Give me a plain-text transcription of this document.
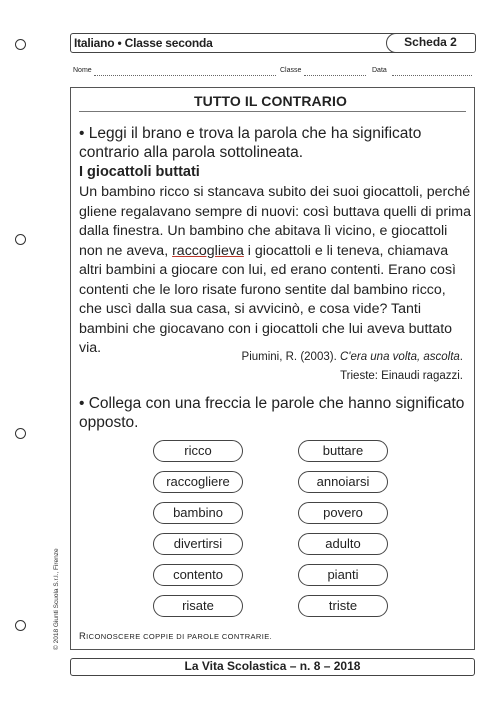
Italiano • Classe seconda	Scheda 2
Nome	Classe	Data
TUTTO IL CONTRARIO
• Leggi il brano e trova la parola che ha significato contrario alla parola sottolineata.
I giocattoli buttati
Un bambino ricco si stancava subito dei suoi giocattoli, perché gliene regalavano sempre di nuovi: così buttava quelli di prima dalla finestra. Un bambino che abitava lì vicino, e giocattoli non ne aveva, raccoglieva i giocattoli e li teneva, chiamava altri bambini a giocare con lui, ed erano contenti. Erano così contenti che le loro risate furono sentite dal bambino ricco, che uscì dalla sua casa, si avvicinò, e cosa vide? Tanti bambini che giocavano con i giocattoli che lui aveva buttato via.
Piumini, R. (2003). C'era una volta, ascolta.
Trieste: Einaudi ragazzi.
• Collega con una freccia le parole che hanno significato opposto.
ricco
raccogliere
bambino
divertirsi
contento
risate
buttare
annoiarsi
povero
adulto
pianti
triste
RICONOSCERE COPPIE DI PAROLE CONTRARIE.
© 2018 Giunti Scuola S.r.l., Firenze
La Vita Scolastica – n. 8 – 2018
